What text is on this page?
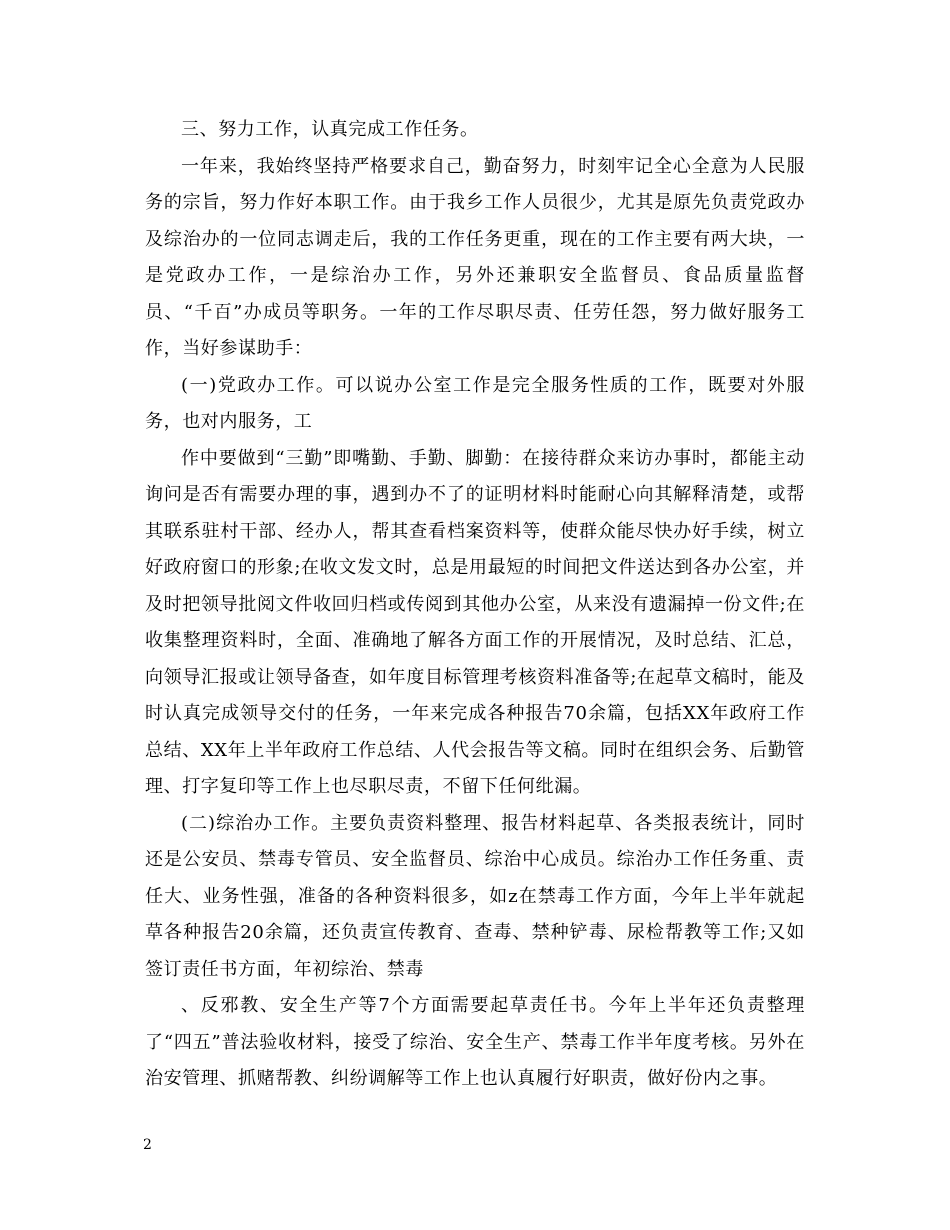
三、努力工作，认真完成工作任务。

一年来，我始终坚持严格要求自己，勤奋努力，时刻牢记全心全意为人民服务的宗旨，努力作好本职工作。由于我乡工作人员很少，尤其是原先负责党政办及综治办的一位同志调走后，我的工作任务更重，现在的工作主要有两大块，一是党政办工作，一是综治办工作，另外还兼职安全监督员、食品质量监督员、“千百”办成员等职务。一年的工作尽职尽责、任劳任怨，努力做好服务工作，当好参谋助手：

(一)党政办工作。可以说办公室工作是完全服务性质的工作，既要对外服务，也对内服务，工

作中要做到“三勤”即嘴勤、手勤、脚勤：在接待群众来访办事时，都能主动询问是否有需要办理的事，遇到办不了的证明材料时能耐心向其解释清楚，或帮其联系驻村干部、经办人，帮其查看档案资料等，使群众能尽快办好手续，树立好政府窗口的形象;在收文发文时，总是用最短的时间把文件送达到各办公室，并及时把领导批阅文件收回归档或传阅到其他办公室，从来没有遗漏掉一份文件;在收集整理资料时，全面、准确地了解各方面工作的开展情况，及时总结、汇总，向领导汇报或让领导备查，如年度目标管理考核资料准备等;在起草文稿时，能及时认真完成领导交付的任务，一年来完成各种报告70余篇，包括XX年政府工作总结、XX年上半年政府工作总结、人代会报告等文稿。同时在组织会务、后勤管理、打字复印等工作上也尽职尽责，不留下任何纰漏。

(二)综治办工作。主要负责资料整理、报告材料起草、各类报表统计，同时还是公安员、禁毒专管员、安全监督员、综治中心成员。综治办工作任务重、责任大、业务性强，准备的各种资料很多，如z在禁毒工作方面，今年上半年就起草各种报告20余篇，还负责宣传教育、查毒、禁种铲毒、尿检帮教等工作;又如签订责任书方面，年初综治、禁毒

、反邪教、安全生产等7个方面需要起草责任书。今年上半年还负责整理了“四五”普法验收材料，接受了综治、安全生产、禁毒工作半年度考核。另外在治安管理、抓赌帮教、纠纷调解等工作上也认真履行好职责，做好份内之事。

2
